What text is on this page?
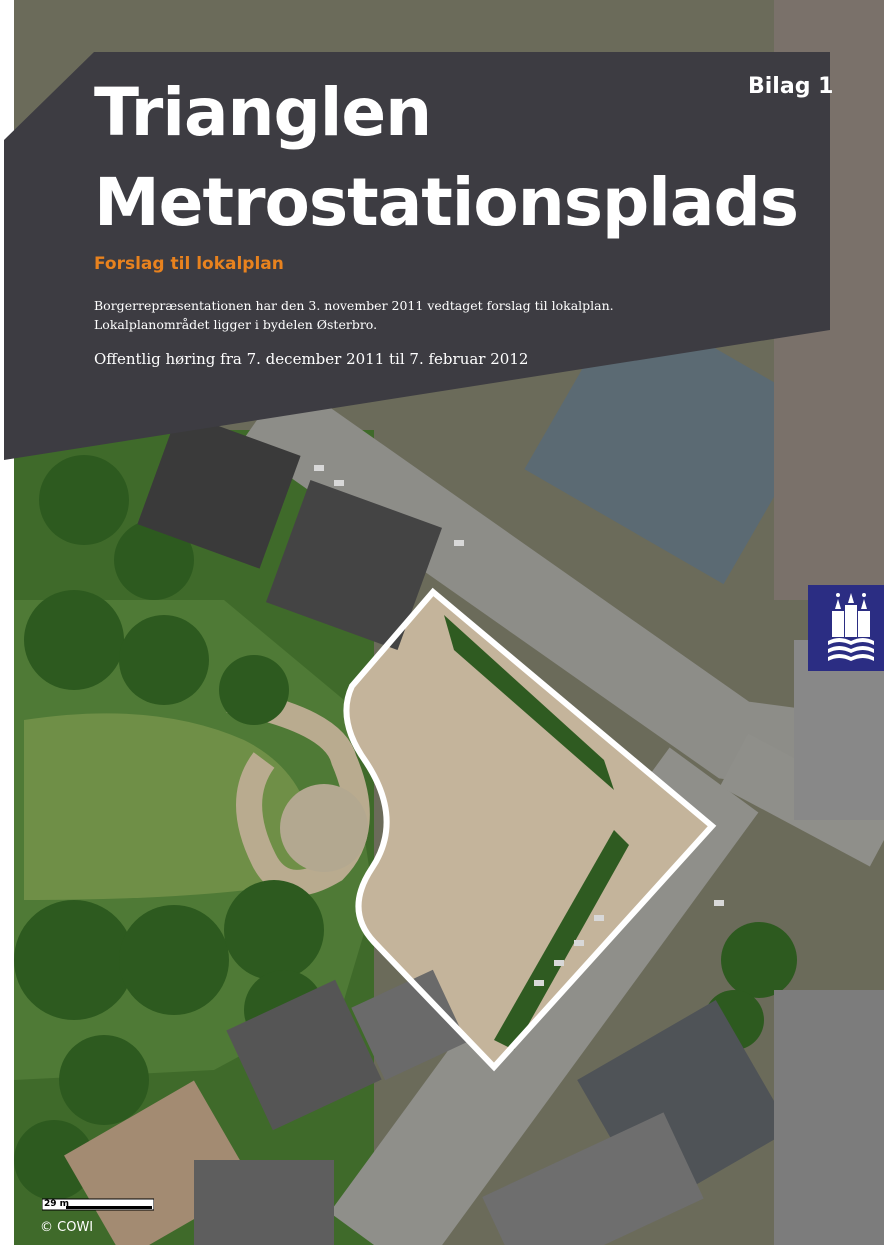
29 m
© COWI
Bilag 1
Trianglen
Metrostationsplads
Forslag til lokalplan
Borgerrepræsentationen har den 3. november 2011 vedtaget forslag til lokalplan.
Lokalplanområdet ligger i bydelen Østerbro.
Offentlig høring fra 7. december 2011 til 7. februar 2012
